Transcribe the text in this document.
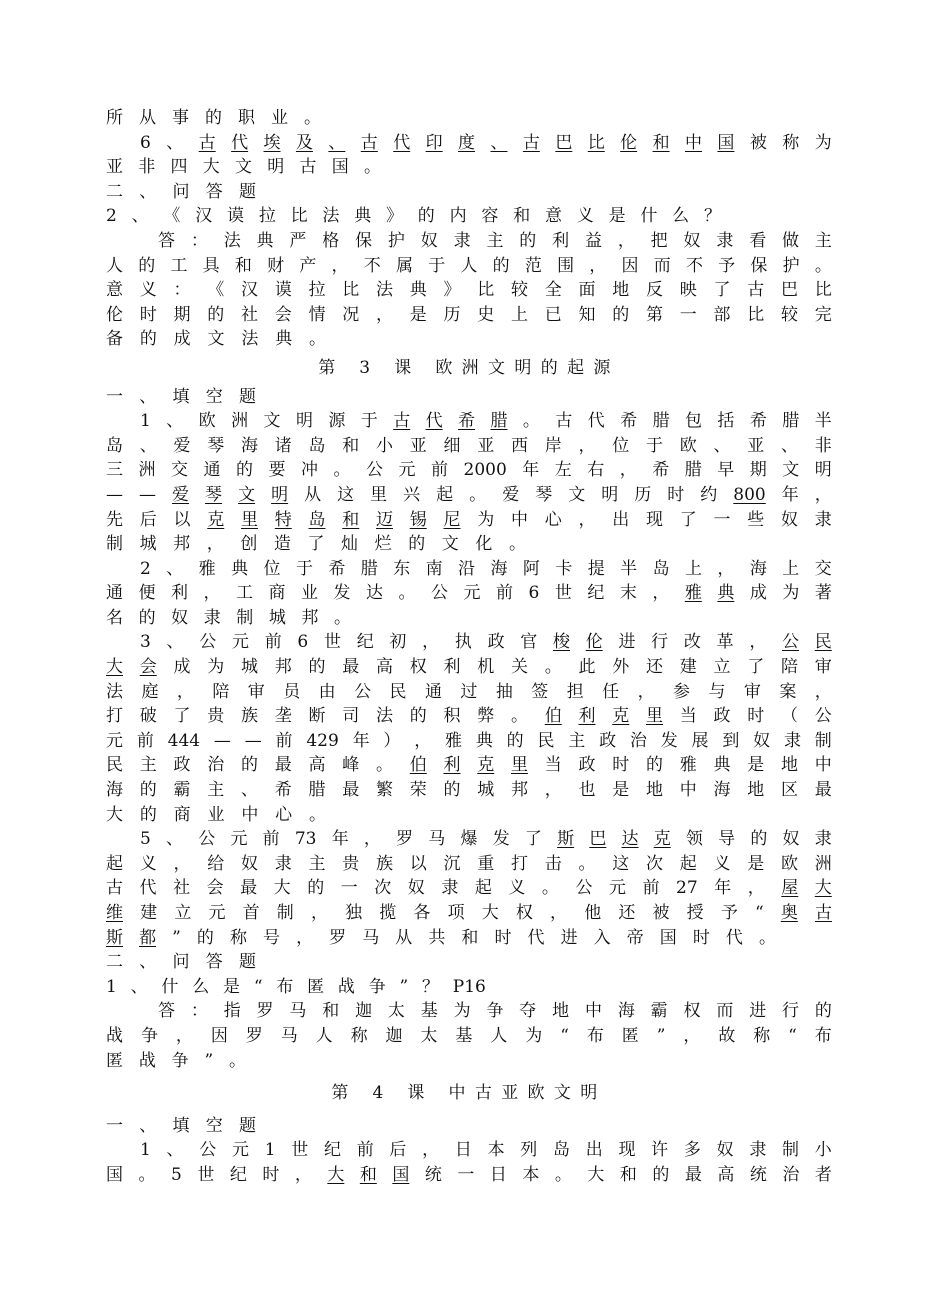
所 从 事 的 职 业 。
6 、 古 代 埃 及 、 古 代 印 度 、 古 巴 比 伦 和 中 国 被 称 为
亚 非 四 大 文 明 古 国 。
二 、 问 答 题
2 、 《 汉 谟 拉 比 法 典 》 的 内 容 和 意 义 是 什 么 ？
答 ： 法 典 严 格 保 护 奴 隶 主 的 利 益 ， 把 奴 隶 看 做 主
人 的 工 具 和 财 产 ， 不 属 于 人 的 范 围 ， 因 而 不 予 保 护 。
意 义 ： 《 汉 谟 拉 比 法 典 》 比 较 全 面 地 反 映 了 古 巴 比
伦 时 期 的 社 会 情 况 ， 是 历 史 上 已 知 的 第 一 部 比 较 完
备 的 成 文 法 典 。
第 3 课 欧洲文明的起源
一 、 填 空 题
1 、 欧 洲 文 明 源 于 古 代 希 腊 。 古 代 希 腊 包 括 希 腊 半
岛 、 爱 琴 海 诸 岛 和 小 亚 细 亚 西 岸 ， 位 于 欧 、 亚 、 非
三 洲 交 通 的 要 冲 。 公 元 前 2000 年 左 右 ， 希 腊 早 期 文 明
— — 爱 琴 文 明 从 这 里 兴 起 。 爱 琴 文 明 历 时 约 800 年 ，
先 后 以 克 里 特 岛 和 迈 锡 尼 为 中 心 ， 出 现 了 一 些 奴 隶
制 城 邦 ， 创 造 了 灿 烂 的 文 化 。
2 、 雅 典 位 于 希 腊 东 南 沿 海 阿 卡 提 半 岛 上 ， 海 上 交
通 便 利 ， 工 商 业 发 达 。 公 元 前 6 世 纪 末 ， 雅 典 成 为 著
名 的 奴 隶 制 城 邦 。
3 、 公 元 前 6 世 纪 初 ， 执 政 官 梭 伦 进 行 改 革 ， 公 民
大 会 成 为 城 邦 的 最 高 权 利 机 关 。 此 外 还 建 立 了 陪 审
法 庭 ， 陪 审 员 由 公 民 通 过 抽 签 担 任 ， 参 与 审 案 ，
打 破 了 贵 族 垄 断 司 法 的 积 弊 。 伯 利 克 里 当 政 时 （ 公
元 前 444 — — 前 429 年 ） ， 雅 典 的 民 主 政 治 发 展 到 奴 隶 制
民 主 政 治 的 最 高 峰 。 伯 利 克 里 当 政 时 的 雅 典 是 地 中
海 的 霸 主 、 希 腊 最 繁 荣 的 城 邦 ， 也 是 地 中 海 地 区 最
大 的 商 业 中 心 。
5 、 公 元 前 73 年 ， 罗 马 爆 发 了 斯 巴 达 克 领 导 的 奴 隶
起 义 ， 给 奴 隶 主 贵 族 以 沉 重 打 击 。 这 次 起 义 是 欧 洲
古 代 社 会 最 大 的 一 次 奴 隶 起 义 。 公 元 前 27 年 ， 屋 大
维 建 立 元 首 制 ， 独 揽 各 项 大 权 ， 他 还 被 授 予 “ 奥 古
斯 都 ” 的 称 号 ， 罗 马 从 共 和 时 代 进 入 帝 国 时 代 。
二 、 问 答 题
1 、 什 么 是 “ 布 匿 战 争 ” ？ P16
答 ： 指 罗 马 和 迦 太 基 为 争 夺 地 中 海 霸 权 而 进 行 的
战 争 ， 因 罗 马 人 称 迦 太 基 人 为 “ 布 匿 ” ， 故 称 “ 布
匿 战 争 ” 。
第 4 课 中古亚欧文明
一 、 填 空 题
1 、 公 元 1 世 纪 前 后 ， 日 本 列 岛 出 现 许 多 奴 隶 制 小
国 。 5 世 纪 时 ， 大 和 国 统 一 日 本 。 大 和 的 最 高 统 治 者
